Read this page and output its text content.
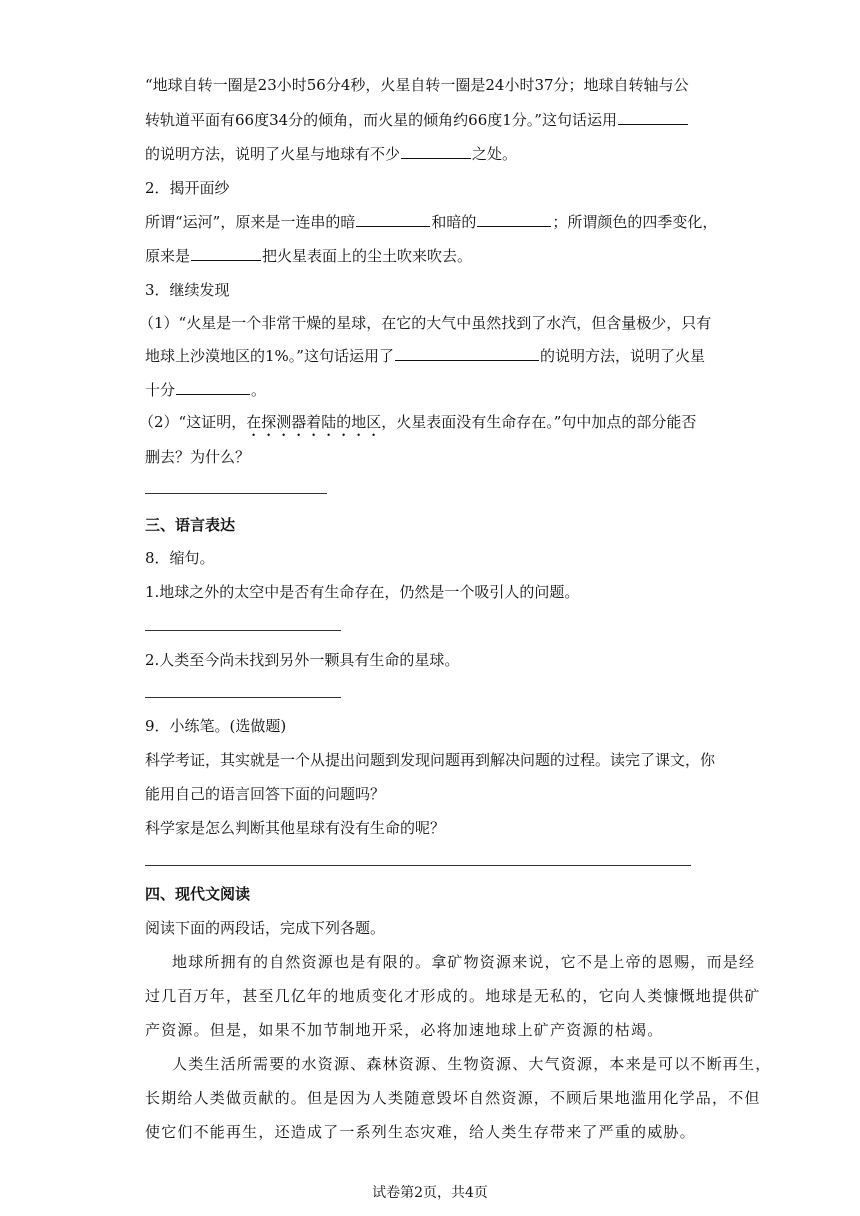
“地球自转一圈是23小时56分4秒，火星自转一圈是24小时37分；地球自转轴与公
转轨道平面有66度34分的倾角，而火星的倾角约66度1分。”这句话运用
的说明方法，说明了火星与地球有不少	之处。
2．揭开面纱
所谓“运河”，原来是一连串的暗	和暗的	；所谓颜色的四季变化，
原来是	把火星表面上的尘土吹来吹去。
3．继续发现
（1）“火星是一个非常干燥的星球，在它的大气中虽然找到了水汽，但含量极少，只有
地球上沙漠地区的1%。”这句话运用了	的说明方法，说明了火星
十分	。
（2）“这证明，在探测器着陆的地区，火星表面没有生命存在。”句中加点的部分能否
删去？为什么？
三、语言表达
8．缩句。
1.地球之外的太空中是否有生命存在，仍然是一个吸引人的问题。
2.人类至今尚未找到另外一颗具有生命的星球。
9．小练笔。(选做题)
科学考证，其实就是一个从提出问题到发现问题再到解决问题的过程。读完了课文，你
能用自己的语言回答下面的问题吗？
科学家是怎么判断其他星球有没有生命的呢？
四、现代文阅读
阅读下面的两段话，完成下列各题。
地球所拥有的自然资源也是有限的。拿矿物资源来说，它不是上帝的恩赐，而是经
过几百万年，甚至几亿年的地质变化才形成的。地球是无私的，它向人类慷慨地提供矿
产资源。但是，如果不加节制地开采，必将加速地球上矿产资源的枯竭。
人类生活所需要的水资源、森林资源、生物资源、大气资源，本来是可以不断再生，
长期给人类做贡献的。但是因为人类随意毁坏自然资源，不顾后果地滥用化学品，不但
使它们不能再生，还造成了一系列生态灾难，给人类生存带来了严重的威胁。
试卷第2页，共4页
